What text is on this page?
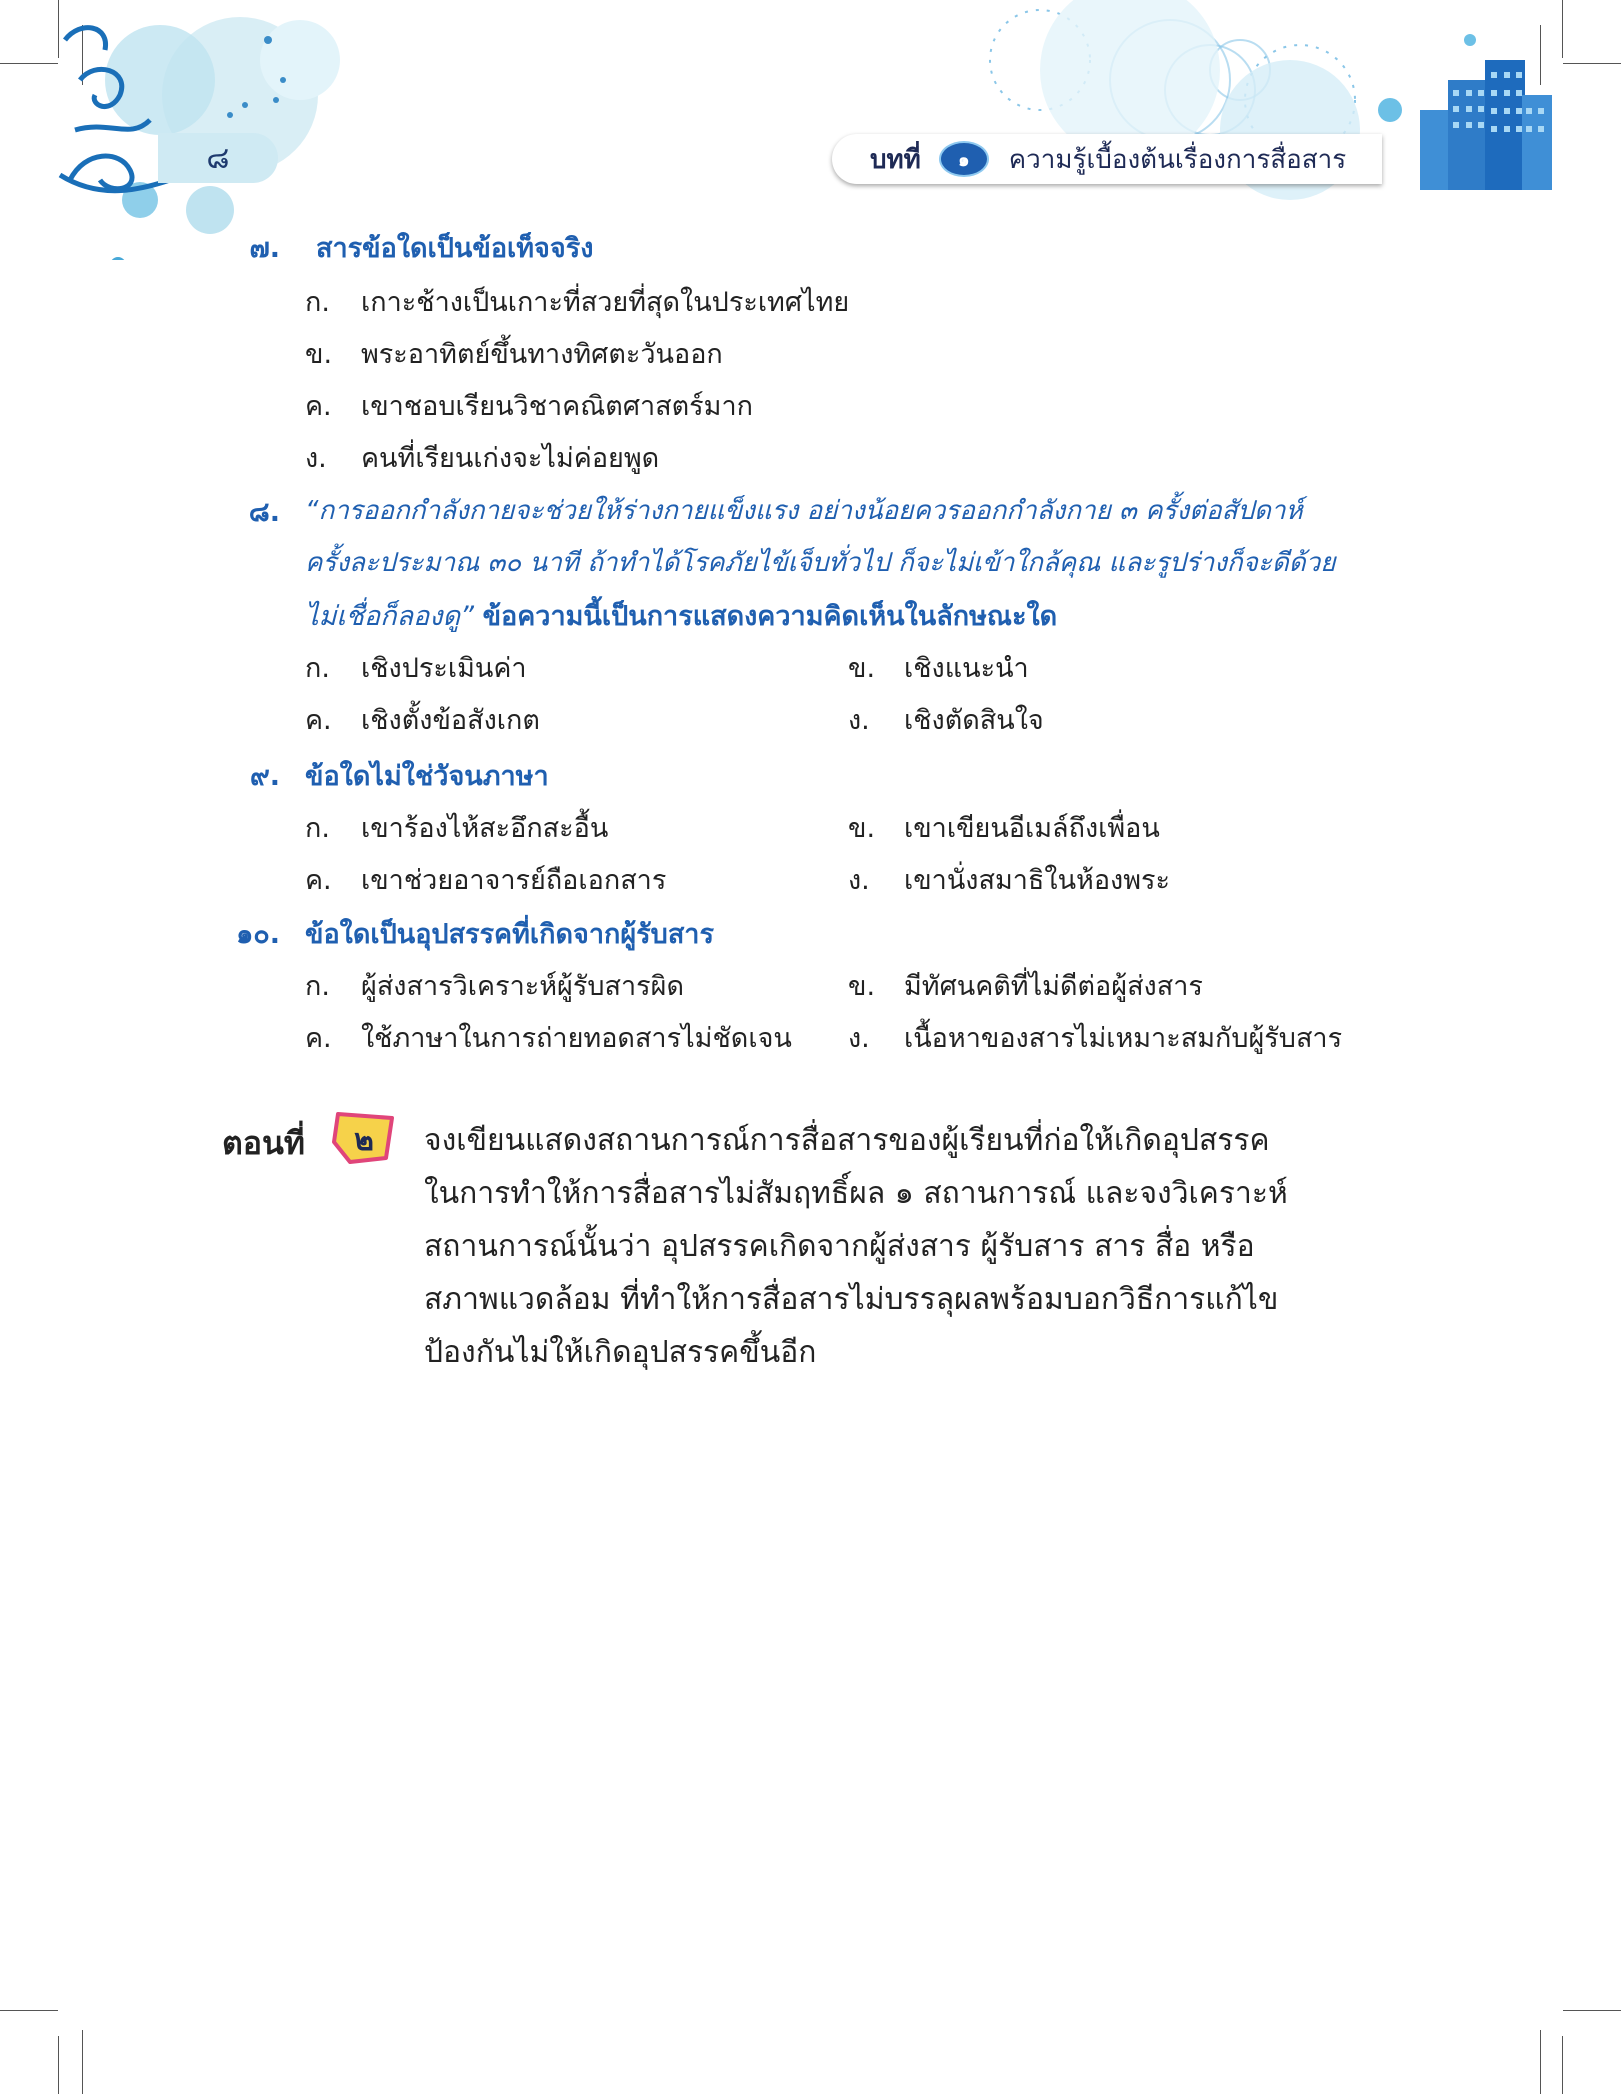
๘	บทที่	๑	ความรู้เบื้องต้นเรื่องการสื่อสาร
๗. สารข้อใดเป็นข้อเท็จจริง
ก. เกาะช้างเป็นเกาะที่สวยที่สุดในประเทศไทย
ข. พระอาทิตย์ขึ้นทางทิศตะวันออก
ค. เขาชอบเรียนวิชาคณิตศาสตร์มาก
ง. คนที่เรียนเก่งจะไม่ค่อยพูด
๘. “การออกกำลังกายจะช่วยให้ร่างกายแข็งแรง อย่างน้อยควรออกกำลังกาย ๓ ครั้งต่อสัปดาห์
ครั้งละประมาณ ๓๐ นาที ถ้าทำได้โรคภัยไข้เจ็บทั่วไป ก็จะไม่เข้าใกล้คุณ และรูปร่างก็จะดีด้วย
ไม่เชื่อก็ลองดู” ข้อความนี้เป็นการแสดงความคิดเห็นในลักษณะใด
ก. เชิงประเมินค่า	ข. เชิงแนะนำ
ค. เชิงตั้งข้อสังเกต	ง. เชิงตัดสินใจ
๙. ข้อใดไม่ใช่วัจนภาษา
ก. เขาร้องไห้สะอึกสะอื้น	ข. เขาเขียนอีเมล์ถึงเพื่อน
ค. เขาช่วยอาจารย์ถือเอกสาร	ง. เขานั่งสมาธิในห้องพระ
๑๐. ข้อใดเป็นอุปสรรคที่เกิดจากผู้รับสาร
ก. ผู้ส่งสารวิเคราะห์ผู้รับสารผิด	ข. มีทัศนคติที่ไม่ดีต่อผู้ส่งสาร
ค. ใช้ภาษาในการถ่ายทอดสารไม่ชัดเจน ง. เนื้อหาของสารไม่เหมาะสมกับผู้รับสาร
ตอนที่ ๒ จงเขียนแสดงสถานการณ์การสื่อสารของผู้เรียนที่ก่อให้เกิดอุปสรรค
ในการทำให้การสื่อสารไม่สัมฤทธิ์ผล ๑ สถานการณ์ และจงวิเคราะห์
สถานการณ์นั้นว่า อุปสรรคเกิดจากผู้ส่งสาร ผู้รับสาร สาร สื่อ หรือ
สภาพแวดล้อม ที่ทำให้การสื่อสารไม่บรรลุผลพร้อมบอกวิธีการแก้ไข
ป้องกันไม่ให้เกิดอุปสรรคขึ้นอีก
